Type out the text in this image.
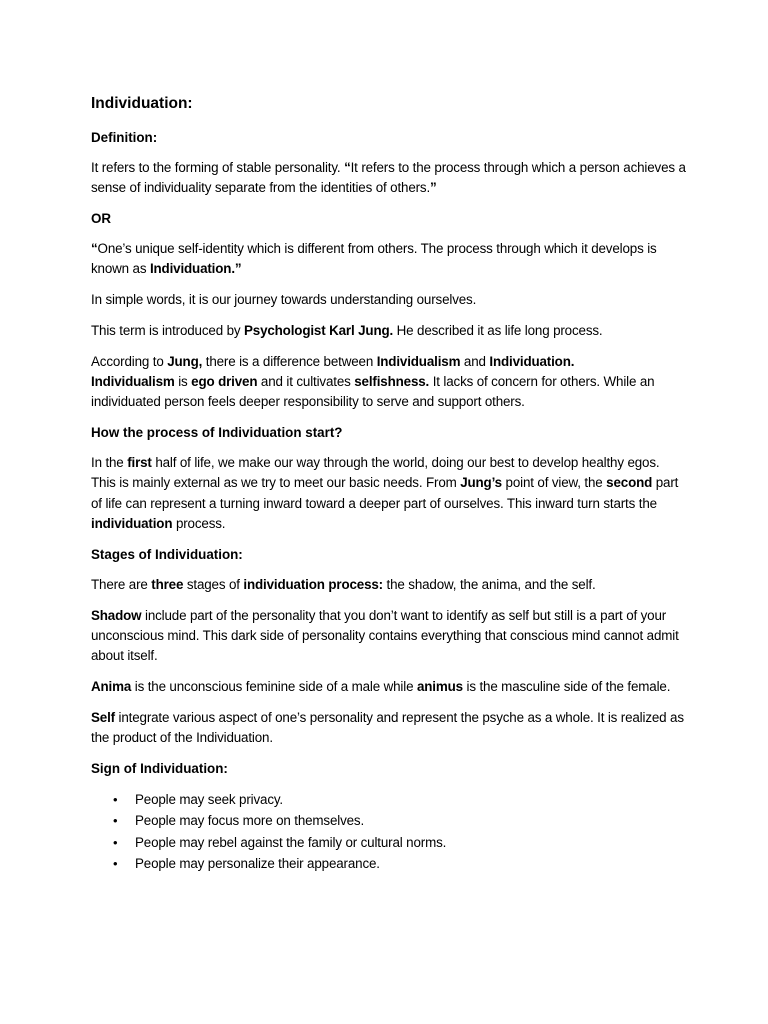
Individuation:
Definition:

It refers to the forming of stable personality. “It refers to the process through which a person achieves a sense of individuality separate from the identities of others.”

OR

“One’s unique self-identity which is different from others. The process through which it develops is known as Individuation.”

In simple words, it is our journey towards understanding ourselves.

This term is introduced by Psychologist Karl Jung. He described it as life long process.

According to Jung, there is a difference between Individualism and Individuation.
Individualism is ego driven and it cultivates selfishness. It lacks of concern for others. While an individuated person feels deeper responsibility to serve and support others.

How the process of Individuation start?

In the first half of life, we make our way through the world, doing our best to develop healthy egos. This is mainly external as we try to meet our basic needs. From Jung’s point of view, the second part of life can represent a turning inward toward a deeper part of ourselves. This inward turn starts the individuation process.

Stages of Individuation:

There are three stages of individuation process: the shadow, the anima, and the self.

Shadow include part of the personality that you don’t want to identify as self but still is a part of your unconscious mind. This dark side of personality contains everything that conscious mind cannot admit about itself.

Anima is the unconscious feminine side of a male while animus is the masculine side of the female.

Self integrate various aspect of one’s personality and represent the psyche as a whole. It is realized as the product of the Individuation.

Sign of Individuation:
• People may seek privacy.
• People may focus more on themselves.
• People may rebel against the family or cultural norms.
• People may personalize their appearance.
